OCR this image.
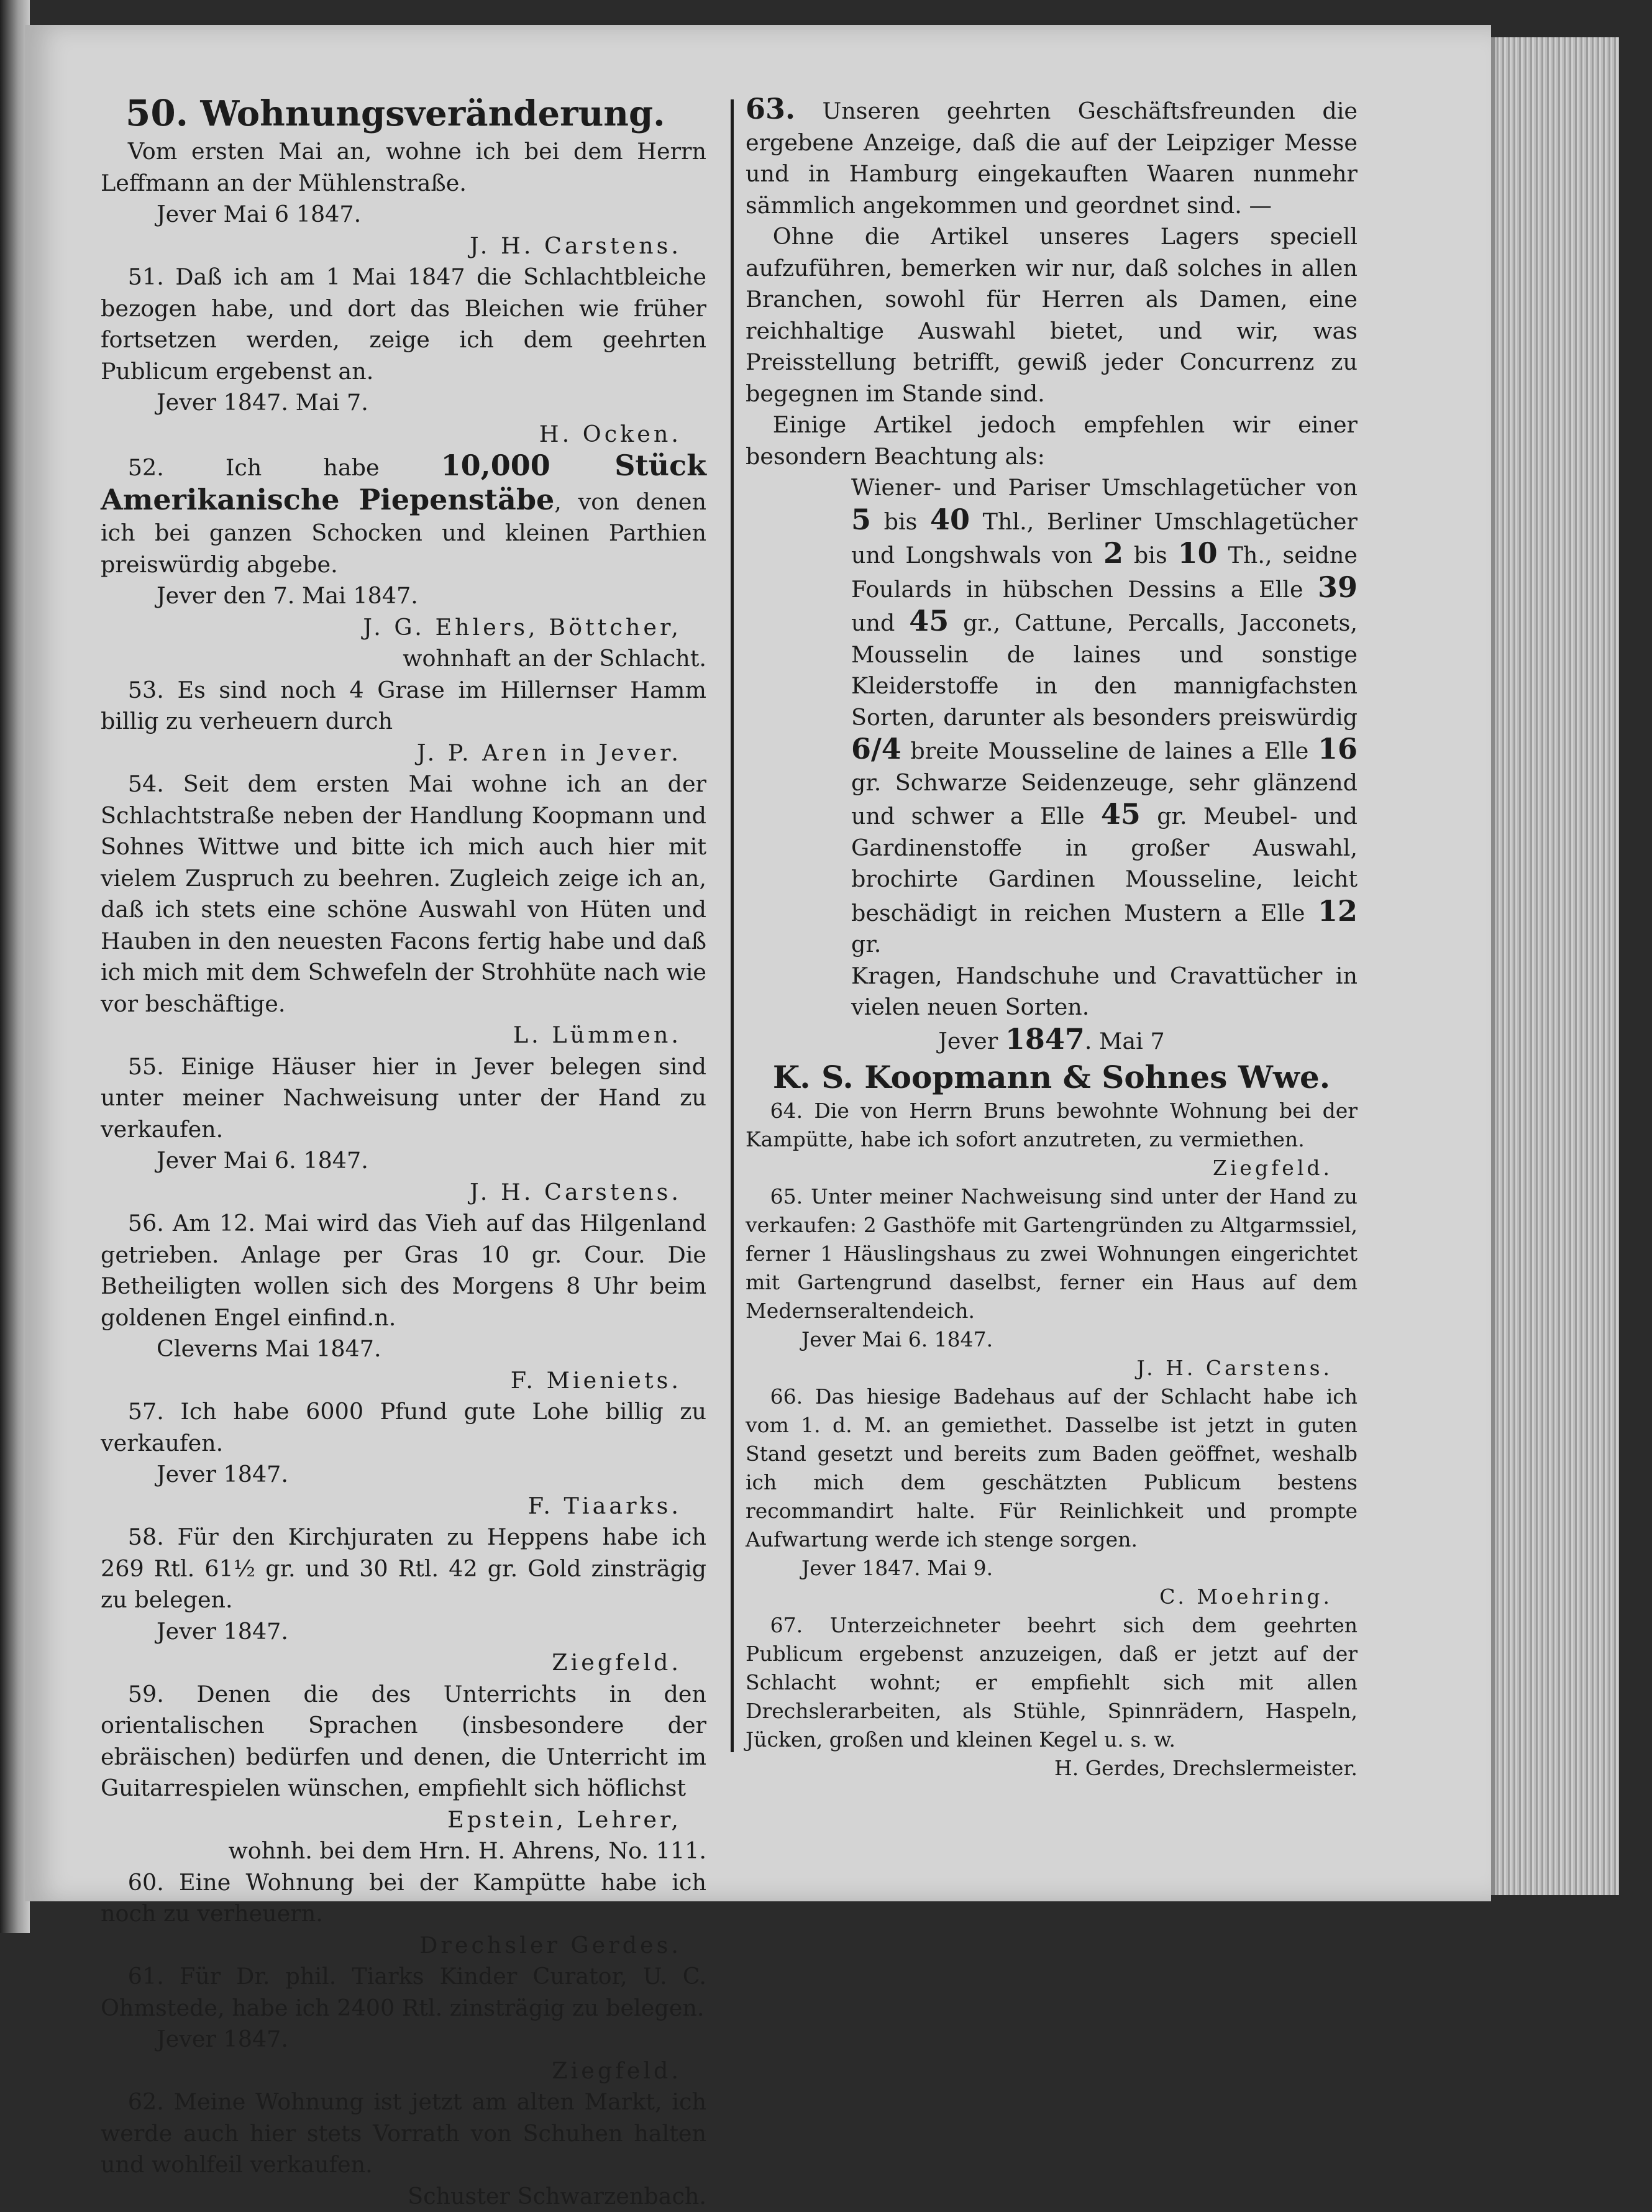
50. Wohnungsveränderung.

Vom ersten Mai an, wohne ich bei dem Herrn Leffmann an der Mühlenstraße.

Jever Mai 6 1847.

J. H. Carstens.

51. Daß ich am 1 Mai 1847 die Schlachtbleiche bezogen habe, und dort das Bleichen wie früher fortsetzen werden, zeige ich dem geehrten Publicum ergebenst an.

Jever 1847. Mai 7.

H. Ocken.

52. Ich habe 10,000 Stück Amerikanische Piepenstäbe, von denen ich bei ganzen Schocken und kleinen Parthien preiswürdig abgebe.

Jever den 7. Mai 1847.

J. G. Ehlers, Böttcher,

wohnhaft an der Schlacht.

53. Es sind noch 4 Grase im Hillernser Hamm billig zu verheuern durch

J. P. Aren in Jever.

54. Seit dem ersten Mai wohne ich an der Schlachtstraße neben der Handlung Koopmann und Sohnes Wittwe und bitte ich mich auch hier mit vielem Zuspruch zu beehren. Zugleich zeige ich an, daß ich stets eine schöne Auswahl von Hüten und Hauben in den neuesten Facons fertig habe und daß ich mich mit dem Schwefeln der Strohhüte nach wie vor beschäftige.

L. Lümmen.

55. Einige Häuser hier in Jever belegen sind unter meiner Nachweisung unter der Hand zu verkaufen.

Jever Mai 6. 1847.

J. H. Carstens.

56. Am 12. Mai wird das Vieh auf das Hilgenland getrieben. Anlage per Gras 10 gr. Cour. Die Betheiligten wollen sich des Morgens 8 Uhr beim goldenen Engel einfind.n.

Cleverns Mai 1847.

F. Mieniets.

57. Ich habe 6000 Pfund gute Lohe billig zu verkaufen.

Jever 1847.

F. Tiaarks.

58. Für den Kirchjuraten zu Heppens habe ich 269 Rtl. 61½ gr. und 30 Rtl. 42 gr. Gold zinsträgig zu belegen.

Jever 1847.

Ziegfeld.

59. Denen die des Unterrichts in den orientalischen Sprachen (insbesondere der ebräischen) bedürfen und denen, die Unterricht im Guitarrespielen wünschen, empfiehlt sich höflichst

Epstein, Lehrer,

wohnh. bei dem Hrn. H. Ahrens, No. 111.

60. Eine Wohnung bei der Kampütte habe ich noch zu verheuern.

Drechsler Gerdes.

61. Für Dr. phil. Tiarks Kinder Curator, U. C. Ohmstede, habe ich 2400 Rtl. zinsträgig zu belegen.

Jever 1847.

Ziegfeld.

62. Meine Wohnung ist jetzt am alten Markt, ich werde auch hier stets Vorrath von Schuhen halten und wohlfeil verkaufen.

Schuster Schwarzenbach.

63. Unseren geehrten Geschäftsfreunden die ergebene Anzeige, daß die auf der Leipziger Messe und in Hamburg eingekauften Waaren nunmehr sämmlich angekommen und geordnet sind. —

Ohne die Artikel unseres Lagers speciell aufzuführen, bemerken wir nur, daß solches in allen Branchen, sowohl für Herren als Damen, eine reichhaltige Auswahl bietet, und wir, was Preisstellung betrifft, gewiß jeder Concurrenz zu begegnen im Stande sind.

Einige Artikel jedoch empfehlen wir einer besondern Beachtung als:

Wiener- und Pariser Umschlagetücher von 5 bis 40 Thl., Berliner Umschlagetücher und Longshwals von 2 bis 10 Th., seidne Foulards in hübschen Dessins a Elle 39 und 45 gr., Cattune, Percalls, Jacconets, Mousselin de laines und sonstige Kleiderstoffe in den mannigfachsten Sorten, darunter als besonders preiswürdig 6/4 breite Mousseline de laines a Elle 16 gr. Schwarze Seidenzeuge, sehr glänzend und schwer a Elle 45 gr. Meubel- und Gardinenstoffe in großer Auswahl, brochirte Gardinen Mousseline, leicht beschädigt in reichen Mustern a Elle 12 gr.

Kragen, Handschuhe und Cravattücher in vielen neuen Sorten.

Jever 1847. Mai 7

K. S. Koopmann & Sohnes Wwe.

64. Die von Herrn Bruns bewohnte Wohnung bei der Kampütte, habe ich sofort anzutreten, zu vermiethen.

Ziegfeld.

65. Unter meiner Nachweisung sind unter der Hand zu verkaufen: 2 Gasthöfe mit Gartengründen zu Altgarmssiel, ferner 1 Häuslingshaus zu zwei Wohnungen eingerichtet mit Gartengrund daselbst, ferner ein Haus auf dem Medernseraltendeich.

Jever Mai 6. 1847.

J. H. Carstens.

66. Das hiesige Badehaus auf der Schlacht habe ich vom 1. d. M. an gemiethet. Dasselbe ist jetzt in guten Stand gesetzt und bereits zum Baden geöffnet, weshalb ich mich dem geschätzten Publicum bestens recommandirt halte. Für Reinlichkeit und prompte Aufwartung werde ich stenge sorgen.

Jever 1847. Mai 9.

C. Moehring.

67. Unterzeichneter beehrt sich dem geehrten Publicum ergebenst anzuzeigen, daß er jetzt auf der Schlacht wohnt; er empfiehlt sich mit allen Drechslerarbeiten, als Stühle, Spinnrädern, Haspeln, Jücken, großen und kleinen Kegel u. s. w.

H. Gerdes, Drechslermeister.
